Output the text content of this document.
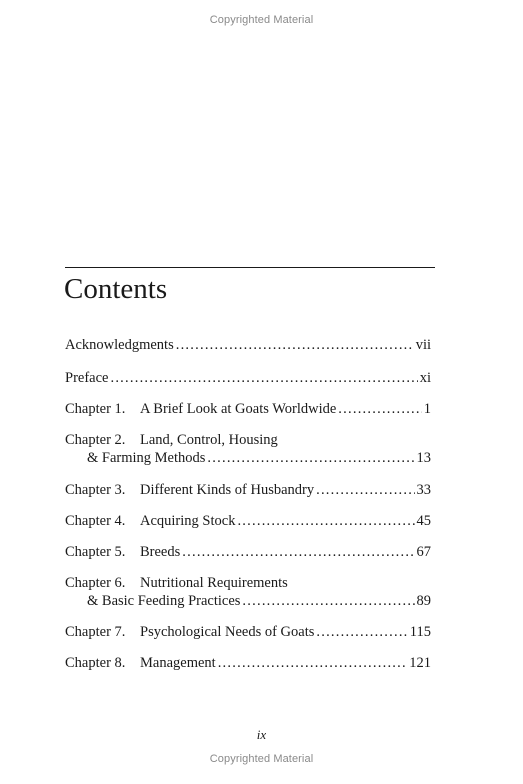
Copyrighted Material
Contents
Acknowledgments . . .	vii
Preface . . .	xi
Chapter 1. A Brief Look at Goats Worldwide . . .	1
Chapter 2. Land, Control, Housing
& Farming Methods . . .	13
Chapter 3. Different Kinds of Husbandry . . .	33
Chapter 4. Acquiring Stock . . .	45
Chapter 5. Breeds . . .	67
Chapter 6. Nutritional Requirements
& Basic Feeding Practices . . .	89
Chapter 7. Psychological Needs of Goats . . .	115
Chapter 8. Management . . .	121
ix
Copyrighted Material
